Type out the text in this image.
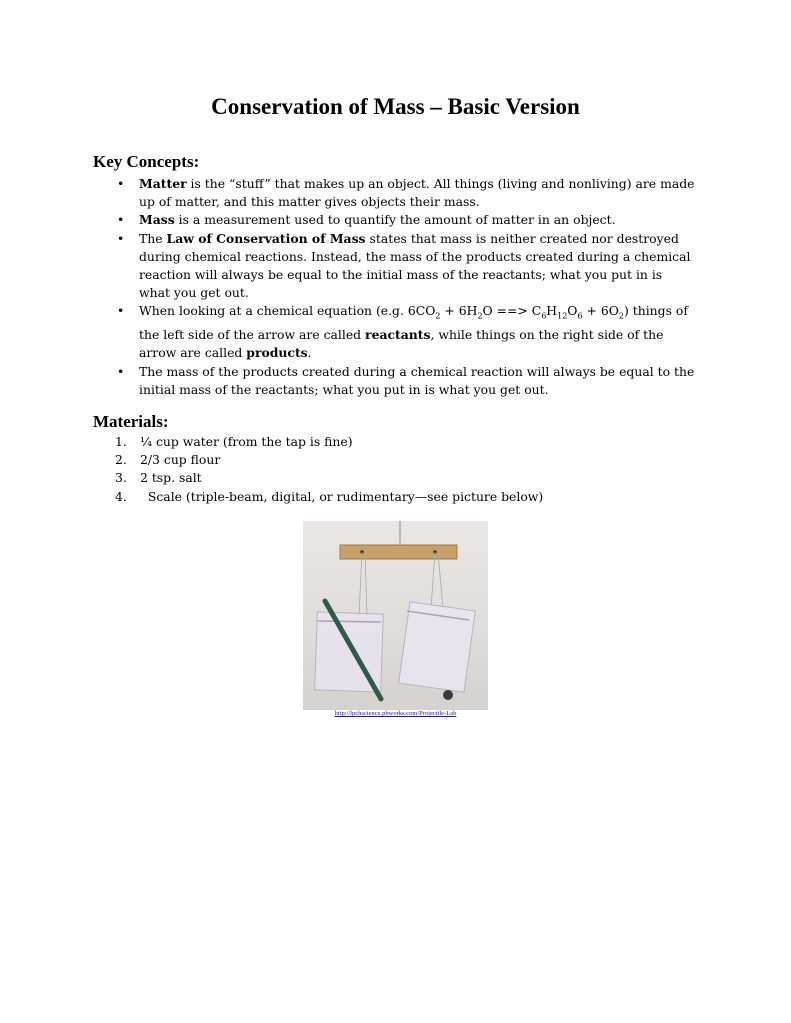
Conservation of Mass – Basic Version
Key Concepts:
• Matter is the “stuff” that makes up an object. All things (living and nonliving) are made up of matter, and this matter gives objects their mass.
• Mass is a measurement used to quantify the amount of matter in an object.
• The Law of Conservation of Mass states that mass is neither created nor destroyed during chemical reactions. Instead, the mass of the products created during a chemical reaction will always be equal to the initial mass of the reactants; what you put in is what you get out.
• When looking at a chemical equation (e.g. $6CO_2 + 6H_2O$ ==> $C_6H_{12}O_6 + 6O_2$) things of the left side of the arrow are called reactants, while things on the right side of the arrow are called products.
• The mass of the products created during a chemical reaction will always be equal to the initial mass of the reactants; what you put in is what you get out.
Materials:
1. ¼ cup water (from the tap is fine)
2. 2/3 cup flour
3. 2 tsp. salt
4.  Scale (triple-beam, digital, or rudimentary—see picture below)
http://lpchscience.pbworks.com/Projectile-Lab
